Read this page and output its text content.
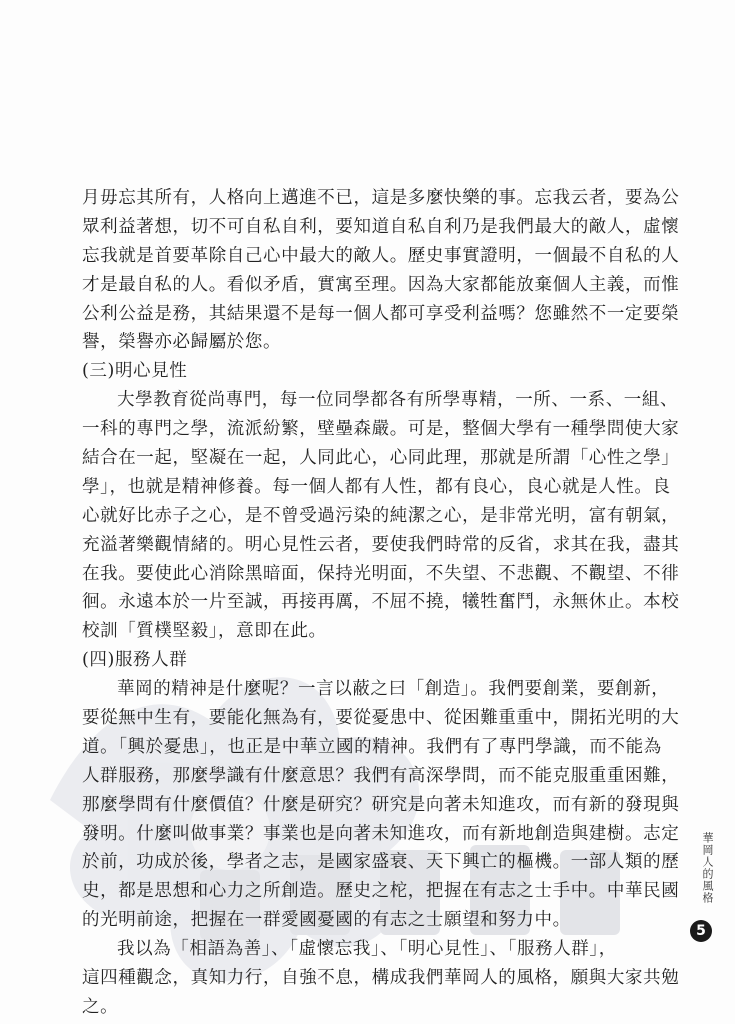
月毋忘其所有，人格向上邁進不已，這是多麼快樂的事。忘我云者，要為公
眾利益著想，切不可自私自利，要知道自私自利乃是我們最大的敵人，虛懷
忘我就是首要革除自己心中最大的敵人。歷史事實證明，一個最不自私的人
才是最自私的人。看似矛盾，實寓至理。因為大家都能放棄個人主義，而惟
公利公益是務，其結果還不是每一個人都可享受利益嗎？您雖然不一定要榮
譽，榮譽亦必歸屬於您。
(三)明心見性
大學教育從尚專門，每一位同學都各有所學專精，一所、一系、一組、
一科的專門之學，流派紛繁，壁壘森嚴。可是，整個大學有一種學問使大家
結合在一起，堅凝在一起，人同此心，心同此理，那就是所謂「心性之學」
學」，也就是精神修養。每一個人都有人性，都有良心，良心就是人性。良
心就好比赤子之心，是不曾受過污染的純潔之心，是非常光明，富有朝氣，
充溢著樂觀情緒的。明心見性云者，要使我們時常的反省，求其在我，盡其
在我。要使此心消除黑暗面，保持光明面，不失望、不悲觀、不觀望、不徘
徊。永遠本於一片至誠，再接再厲，不屈不撓，犧牲奮鬥，永無休止。本校
校訓「質樸堅毅」，意即在此。
(四)服務人群
華岡的精神是什麼呢？一言以蔽之曰「創造」。我們要創業，要創新，
要從無中生有，要能化無為有，要從憂患中、從困難重重中，開拓光明的大
道。「興於憂患」，也正是中華立國的精神。我們有了專門學識，而不能為
人群服務，那麼學識有什麼意思？我們有高深學問，而不能克服重重困難，
那麼學問有什麼價值？什麼是研究？研究是向著未知進攻，而有新的發現與
發明。什麼叫做事業？事業也是向著未知進攻，而有新地創造與建樹。志定
於前，功成於後，學者之志，是國家盛衰、天下興亡的樞機。一部人類的歷
史，都是思想和心力之所創造。歷史之柁，把握在有志之士手中。中華民國
的光明前途，把握在一群愛國憂國的有志之士願望和努力中。
我以為「相語為善」、「虛懷忘我」、「明心見性」、「服務人群」，
這四種觀念，真知力行，自強不息，構成我們華岡人的風格，願與大家共勉
之。
華岡人的風格
5
